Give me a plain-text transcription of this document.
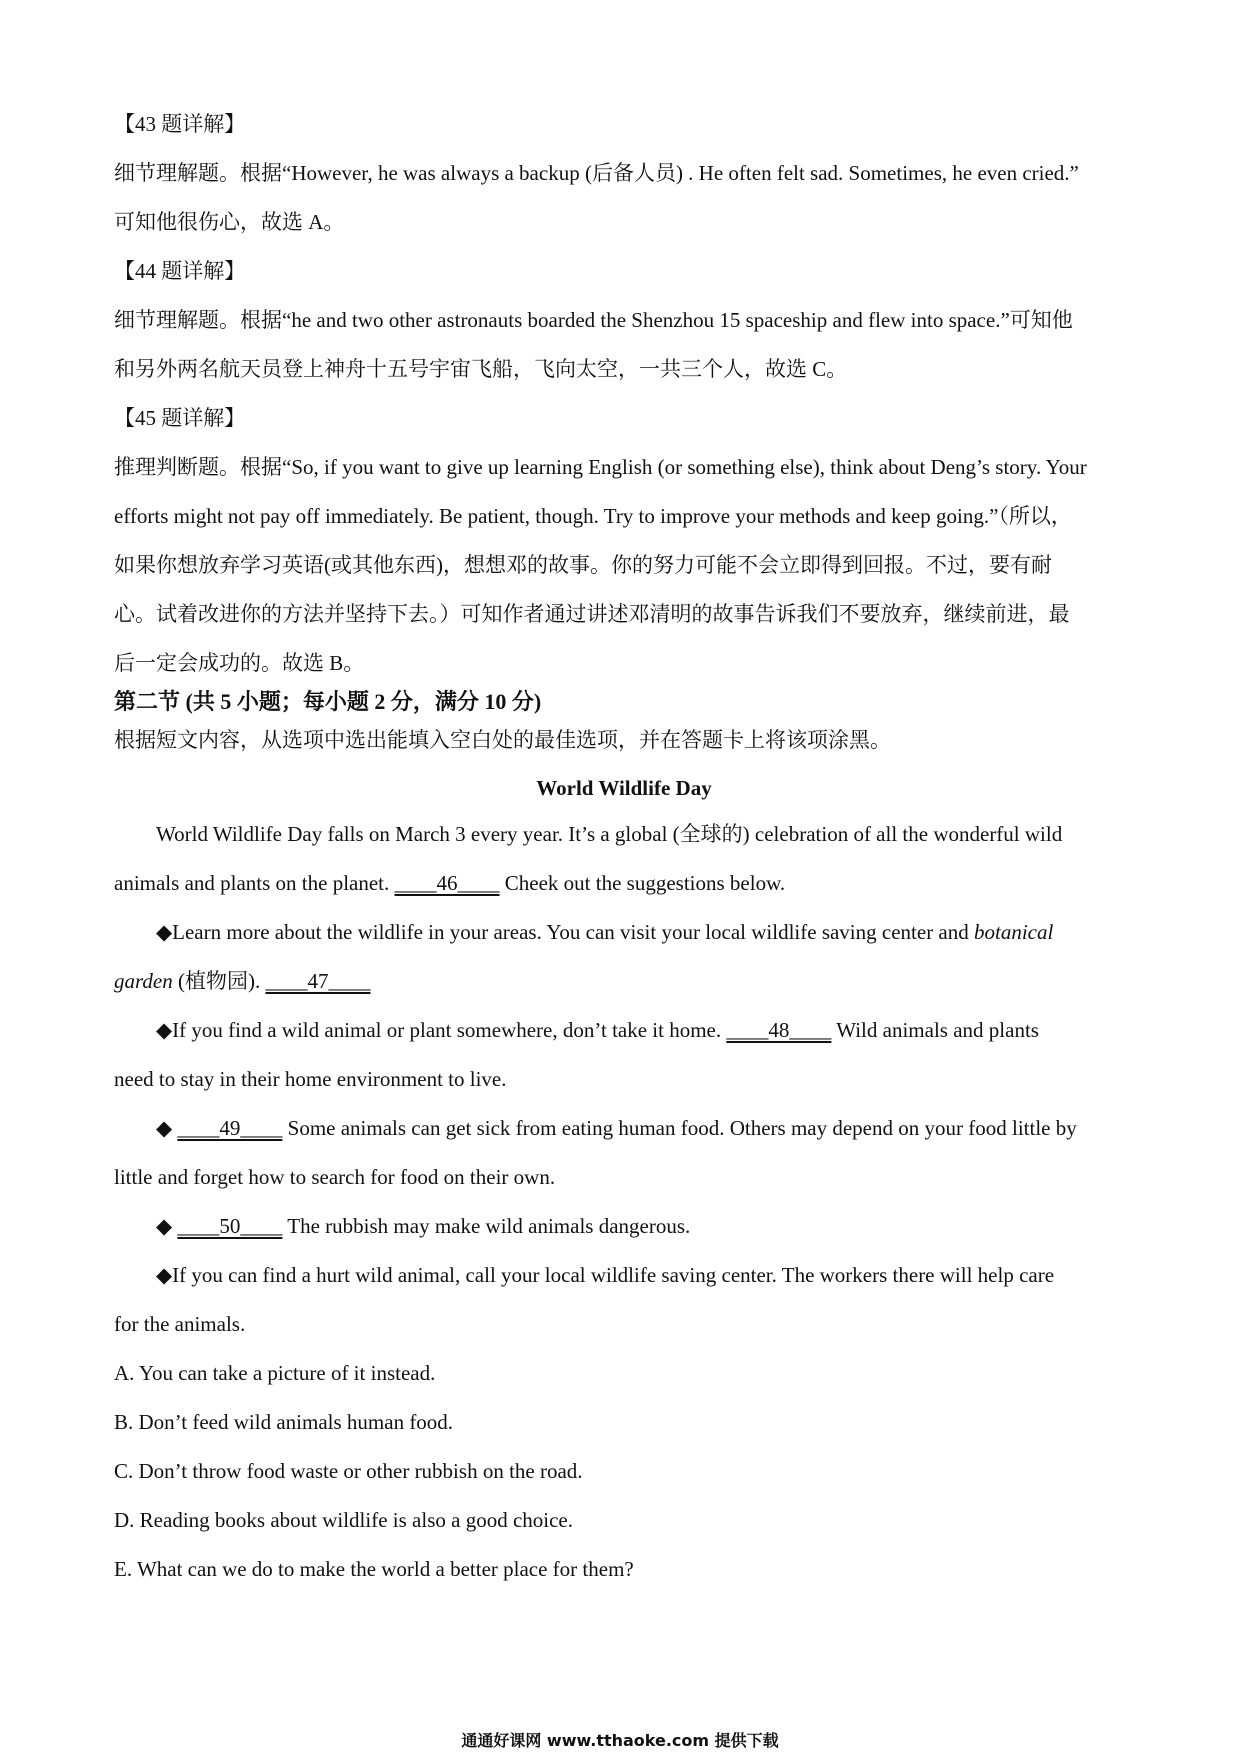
【43 题详解】
细节理解题。根据“However, he was always a backup (后备人员) . He often felt sad. Sometimes, he even cried.”
可知他很伤心，故选 A。
【44 题详解】
细节理解题。根据“he and two other astronauts boarded the Shenzhou 15 spaceship and flew into space.”可知他
和另外两名航天员登上神舟十五号宇宙飞船，飞向太空，一共三个人，故选 C。
【45 题详解】
推理判断题。根据“So, if you want to give up learning English (or something else), think about Deng’s story. Your
efforts might not pay off immediately. Be patient, though. Try to improve your methods and keep going.”（所以，
如果你想放弃学习英语(或其他东西)，想想邓的故事。你的努力可能不会立即得到回报。不过，要有耐
心。试着改进你的方法并坚持下去。）可知作者通过讲述邓清明的故事告诉我们不要放弃，继续前进，最
后一定会成功的。故选 B。
第二节 (共 5 小题；每小题 2 分，满分 10 分)
根据短文内容，从选项中选出能填入空白处的最佳选项，并在答题卡上将该项涂黑。
World Wildlife Day
World Wildlife Day falls on March 3 every year. It’s a global (全球的) celebration of all the wonderful wild
animals and plants on the planet. ____46____ Cheek out the suggestions below.
◆Learn more about the wildlife in your areas. You can visit your local wildlife saving center and botanical
garden (植物园). ____47____
◆If you find a wild animal or plant somewhere, don’t take it home. ____48____ Wild animals and plants
need to stay in their home environment to live.
◆ ____49____ Some animals can get sick from eating human food. Others may depend on your food little by
little and forget how to search for food on their own.
◆ ____50____ The rubbish may make wild animals dangerous.
◆If you can find a hurt wild animal, call your local wildlife saving center. The workers there will help care
for the animals.
A. You can take a picture of it instead.
B. Don’t feed wild animals human food.
C. Don’t throw food waste or other rubbish on the road.
D. Reading books about wildlife is also a good choice.
E. What can we do to make the world a better place for them?
通通好课网 www.tthaoke.com 提供下载
